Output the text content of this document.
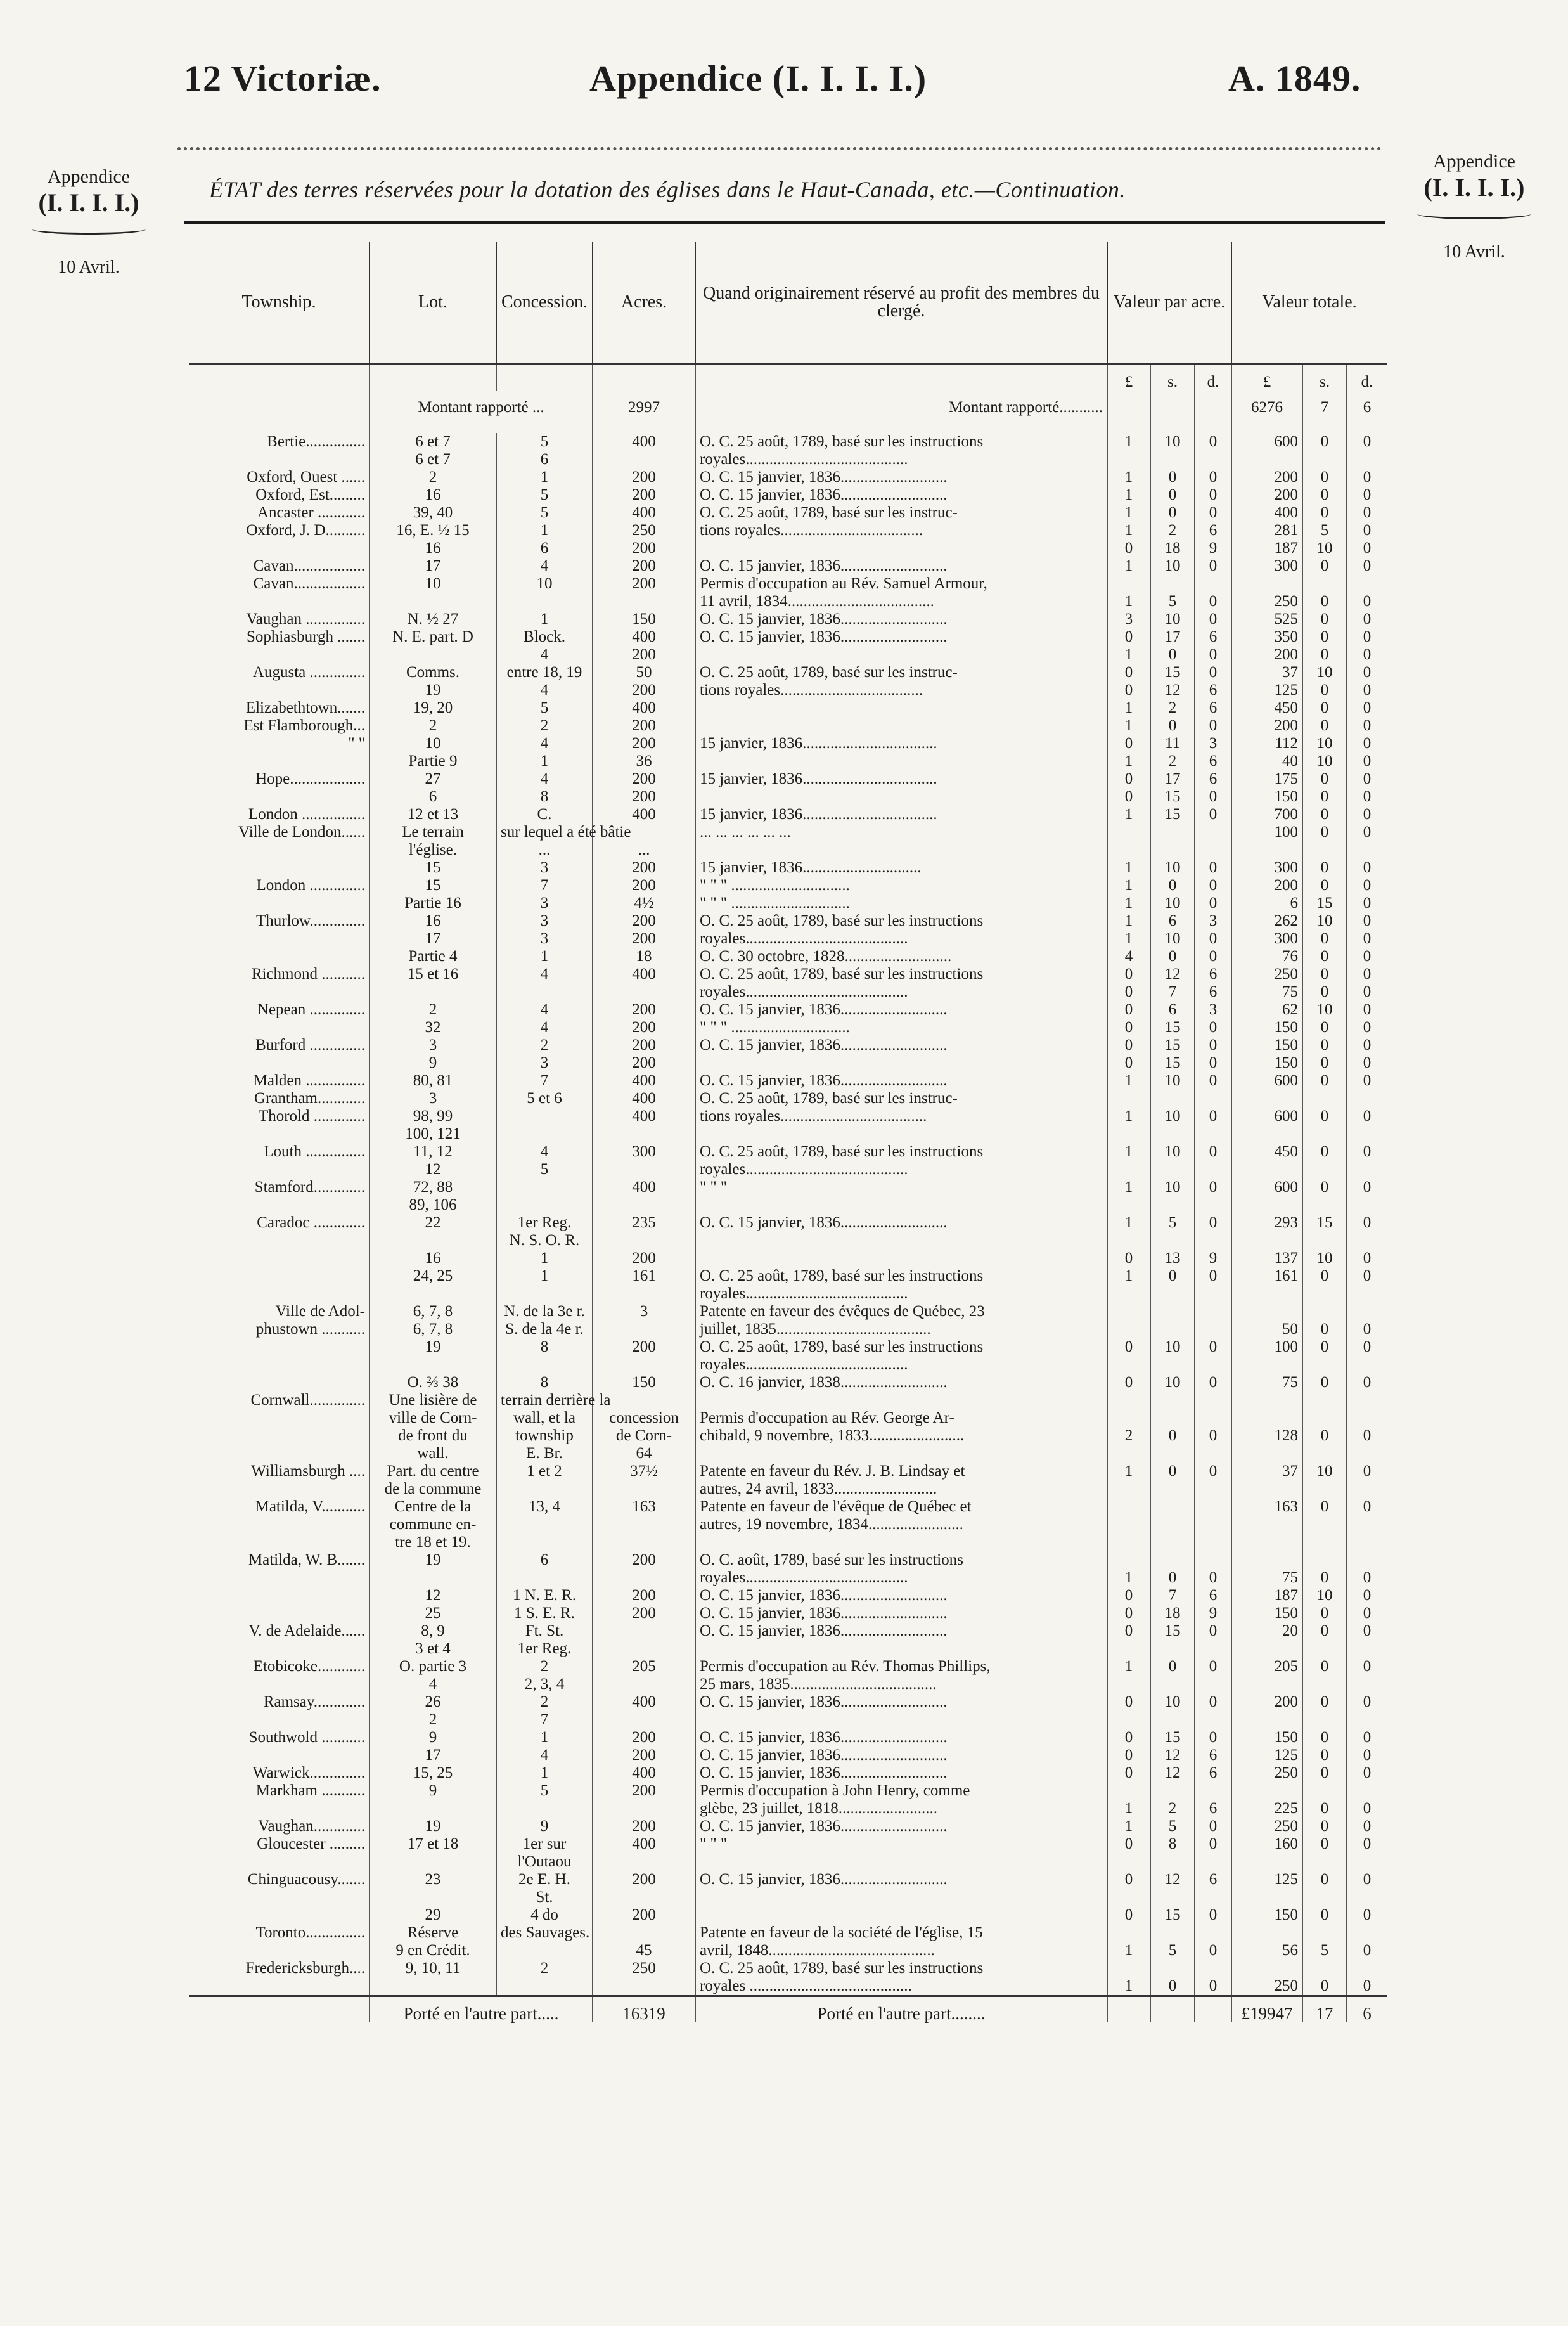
12 Victoriæ.	Appendice (I. I. I. I.)	A. 1849.
Appendice
(I. I. I. I.)
10 Avril.
Appendice
(I. I. I. I.)
10 Avril.
ÉTAT des terres réservées pour la dotation des églises dans le Haut-Canada, etc.—Continuation.
Township.	Lot.	Concession.	Acres.	Quand originairement réservé au profit des membres du clergé.	Valeur par acre.			Valeur totale.		
					£	s.	d.	£	s.	d.
	Montant rapporté ...		2997	Montant rapporté...........				6276	7	6
Bertie...............	6 et 7	5	400	O. C. 25 août, 1789, basé sur les instructions	1	10	0	600	0	0
	6 et 7	6		royales.........................................						
Oxford, Ouest ......	2	1	200	O. C. 15 janvier, 1836...........................	1	0	0	200	0	0
Oxford, Est.........	16	5	200	O. C. 15 janvier, 1836...........................	1	0	0	200	0	0
Ancaster ............	39, 40	5	400	O. C. 25 août, 1789, basé sur les instruc-	1	0	0	400	0	0
Oxford, J. D..........	16, E. ½ 15	1	250	tions royales....................................	1	2	6	281	5	0
	16	6	200		0	18	9	187	10	0
Cavan..................	17	4	200	O. C. 15 janvier, 1836...........................	1	10	0	300	0	0
Cavan..................	10	10	200	Permis d'occupation au Rév. Samuel Armour,						
				11 avril, 1834.....................................	1	5	0	250	0	0
Vaughan ...............	N. ½ 27	1	150	O. C. 15 janvier, 1836...........................	3	10	0	525	0	0
Sophiasburgh .......	N. E. part. D	Block.	400	O. C. 15 janvier, 1836...........................	0	17	6	350	0	0
		4	200		1	0	0	200	0	0
Augusta ..............	Comms.	entre 18, 19	50	O. C. 25 août, 1789, basé sur les instruc-	0	15	0	37	10	0
	19	4	200	tions royales....................................	0	12	6	125	0	0
Elizabethtown.......	19, 20	5	400		1	2	6	450	0	0
Est Flamborough...	2	2	200		1	0	0	200	0	0
" "	10	4	200	15 janvier, 1836..................................	0	11	3	112	10	0
	Partie 9	1	36		1	2	6	40	10	0
Hope...................	27	4	200	15 janvier, 1836..................................	0	17	6	175	0	0
	6	8	200		0	15	0	150	0	0
London ................	12 et 13	C.	400	15 janvier, 1836..................................	1	15	0	700	0	0
Ville de London......	Le terrain	sur lequel a été bâtie		... ... ... ... ... ...				100	0	0
	l'église.	...	...							
	15	3	200	15 janvier, 1836..............................	1	10	0	300	0	0
London ..............	15	7	200	" " " ..............................	1	0	0	200	0	0
	Partie 16	3	4½	" " " ..............................	1	10	0	6	15	0
Thurlow..............	16	3	200	O. C. 25 août, 1789, basé sur les instructions	1	6	3	262	10	0
	17	3	200	royales.........................................	1	10	0	300	0	0
	Partie 4	1	18	O. C. 30 octobre, 1828...........................	4	0	0	76	0	0
Richmond ...........	15 et 16	4	400	O. C. 25 août, 1789, basé sur les instructions	0	12	6	250	0	0
				royales.........................................	0	7	6	75	0	0
Nepean ..............	2	4	200	O. C. 15 janvier, 1836...........................	0	6	3	62	10	0
	32	4	200	" " " ..............................	0	15	0	150	0	0
Burford ..............	3	2	200	O. C. 15 janvier, 1836...........................	0	15	0	150	0	0
	9	3	200		0	15	0	150	0	0
Malden ...............	80, 81	7	400	O. C. 15 janvier, 1836...........................	1	10	0	600	0	0
Grantham............	3	5 et 6	400	O. C. 25 août, 1789, basé sur les instruc-						
Thorold .............	98, 99		400	tions royales.....................................	1	10	0	600	0	0
	100, 121									
Louth ...............	11, 12	4	300	O. C. 25 août, 1789, basé sur les instructions	1	10	0	450	0	0
	12	5		royales.........................................						
Stamford.............	72, 88		400	" " "	1	10	0	600	0	0
	89, 106									
Caradoc .............	22	1er Reg.	235	O. C. 15 janvier, 1836...........................	1	5	0	293	15	0
		N. S. O. R.								
	16	1	200		0	13	9	137	10	0
	24, 25	1	161	O. C. 25 août, 1789, basé sur les instructions	1	0	0	161	0	0
				royales.........................................						
Ville de Adol-	6, 7, 8	N. de la 3e r.	3	Patente en faveur des évêques de Québec, 23						
phustown ...........	6, 7, 8	S. de la 4e r.		juillet, 1835.......................................				50	0	0
	19	8	200	O. C. 25 août, 1789, basé sur les instructions	0	10	0	100	0	0
				royales.........................................						
	O. ⅔ 38	8	150	O. C. 16 janvier, 1838...........................	0	10	0	75	0	0
Cornwall..............	Une lisière de	terrain derrière la								
	ville de Corn-	wall, et la	concession	Permis d'occupation au Rév. George Ar-						
	de front du	township	de Corn-	chibald, 9 novembre, 1833........................	2	0	0	128	0	0
	wall.	E. Br.	64							
Williamsburgh ....	Part. du centre	1 et 2	37½	Patente en faveur du Rév. J. B. Lindsay et	1	0	0	37	10	0
	de la commune			autres, 24 avril, 1833..........................						
Matilda, V...........	Centre de la	13, 4	163	Patente en faveur de l'évêque de Québec et				163	0	0
	commune en-			autres, 19 novembre, 1834........................						
	tre 18 et 19.									
Matilda, W. B.......	19	6	200	O. C. août, 1789, basé sur les instructions						
				royales.........................................	1	0	0	75	0	0
	12	1 N. E. R.	200	O. C. 15 janvier, 1836...........................	0	7	6	187	10	0
	25	1 S. E. R.	200	O. C. 15 janvier, 1836...........................	0	18	9	150	0	0
V. de Adelaide......	8, 9	Ft. St.		O. C. 15 janvier, 1836...........................	0	15	0	20	0	0
	3 et 4	1er Reg.								
Etobicoke............	O. partie 3	2	205	Permis d'occupation au Rév. Thomas Phillips,	1	0	0	205	0	0
	4	2, 3, 4		25 mars, 1835.....................................						
Ramsay.............	26	2	400	O. C. 15 janvier, 1836...........................	0	10	0	200	0	0
	2	7								
Southwold ...........	9	1	200	O. C. 15 janvier, 1836...........................	0	15	0	150	0	0
	17	4	200	O. C. 15 janvier, 1836...........................	0	12	6	125	0	0
Warwick..............	15, 25	1	400	O. C. 15 janvier, 1836...........................	0	12	6	250	0	0
Markham ...........	9	5	200	Permis d'occupation à John Henry, comme						
				glèbe, 23 juillet, 1818.........................	1	2	6	225	0	0
Vaughan.............	19	9	200	O. C. 15 janvier, 1836...........................	1	5	0	250	0	0
Gloucester .........	17 et 18	1er sur	400	" " "	0	8	0	160	0	0
		l'Outaou								
Chinguacousy.......	23	2e E. H.	200	O. C. 15 janvier, 1836...........................	0	12	6	125	0	0
		St.								
	29	4 do	200		0	15	0	150	0	0
Toronto...............	Réserve	des Sauvages.		Patente en faveur de la société de l'église, 15						
	9 en Crédit.		45	avril, 1848..........................................	1	5	0	56	5	0
Fredericksburgh....	9, 10, 11	2	250	O. C. 25 août, 1789, basé sur les instructions						
				royales .........................................	1	0	0	250	0	0
	Porté en l'autre part.....		16319	Porté en l'autre part........				£19947	17	6
